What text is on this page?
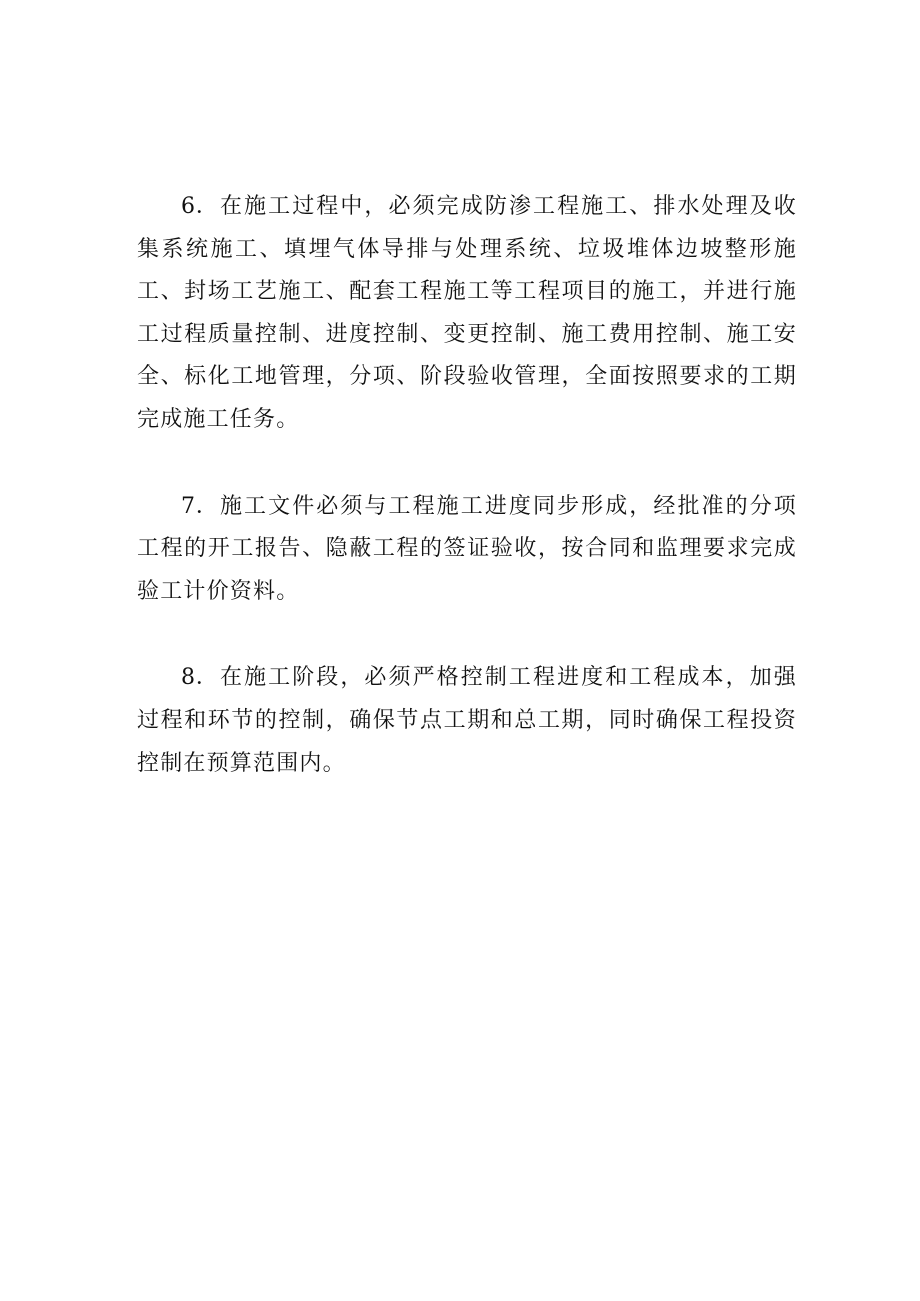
6．在施工过程中，必须完成防渗工程施工、排水处理及收集系统施工、填埋气体导排与处理系统、垃圾堆体边坡整形施工、封场工艺施工、配套工程施工等工程项目的施工，并进行施工过程质量控制、进度控制、变更控制、施工费用控制、施工安全、标化工地管理，分项、阶段验收管理，全面按照要求的工期完成施工任务。

7．施工文件必须与工程施工进度同步形成，经批准的分项工程的开工报告、隐蔽工程的签证验收，按合同和监理要求完成验工计价资料。

8．在施工阶段，必须严格控制工程进度和工程成本，加强过程和环节的控制，确保节点工期和总工期，同时确保工程投资控制在预算范围内。
